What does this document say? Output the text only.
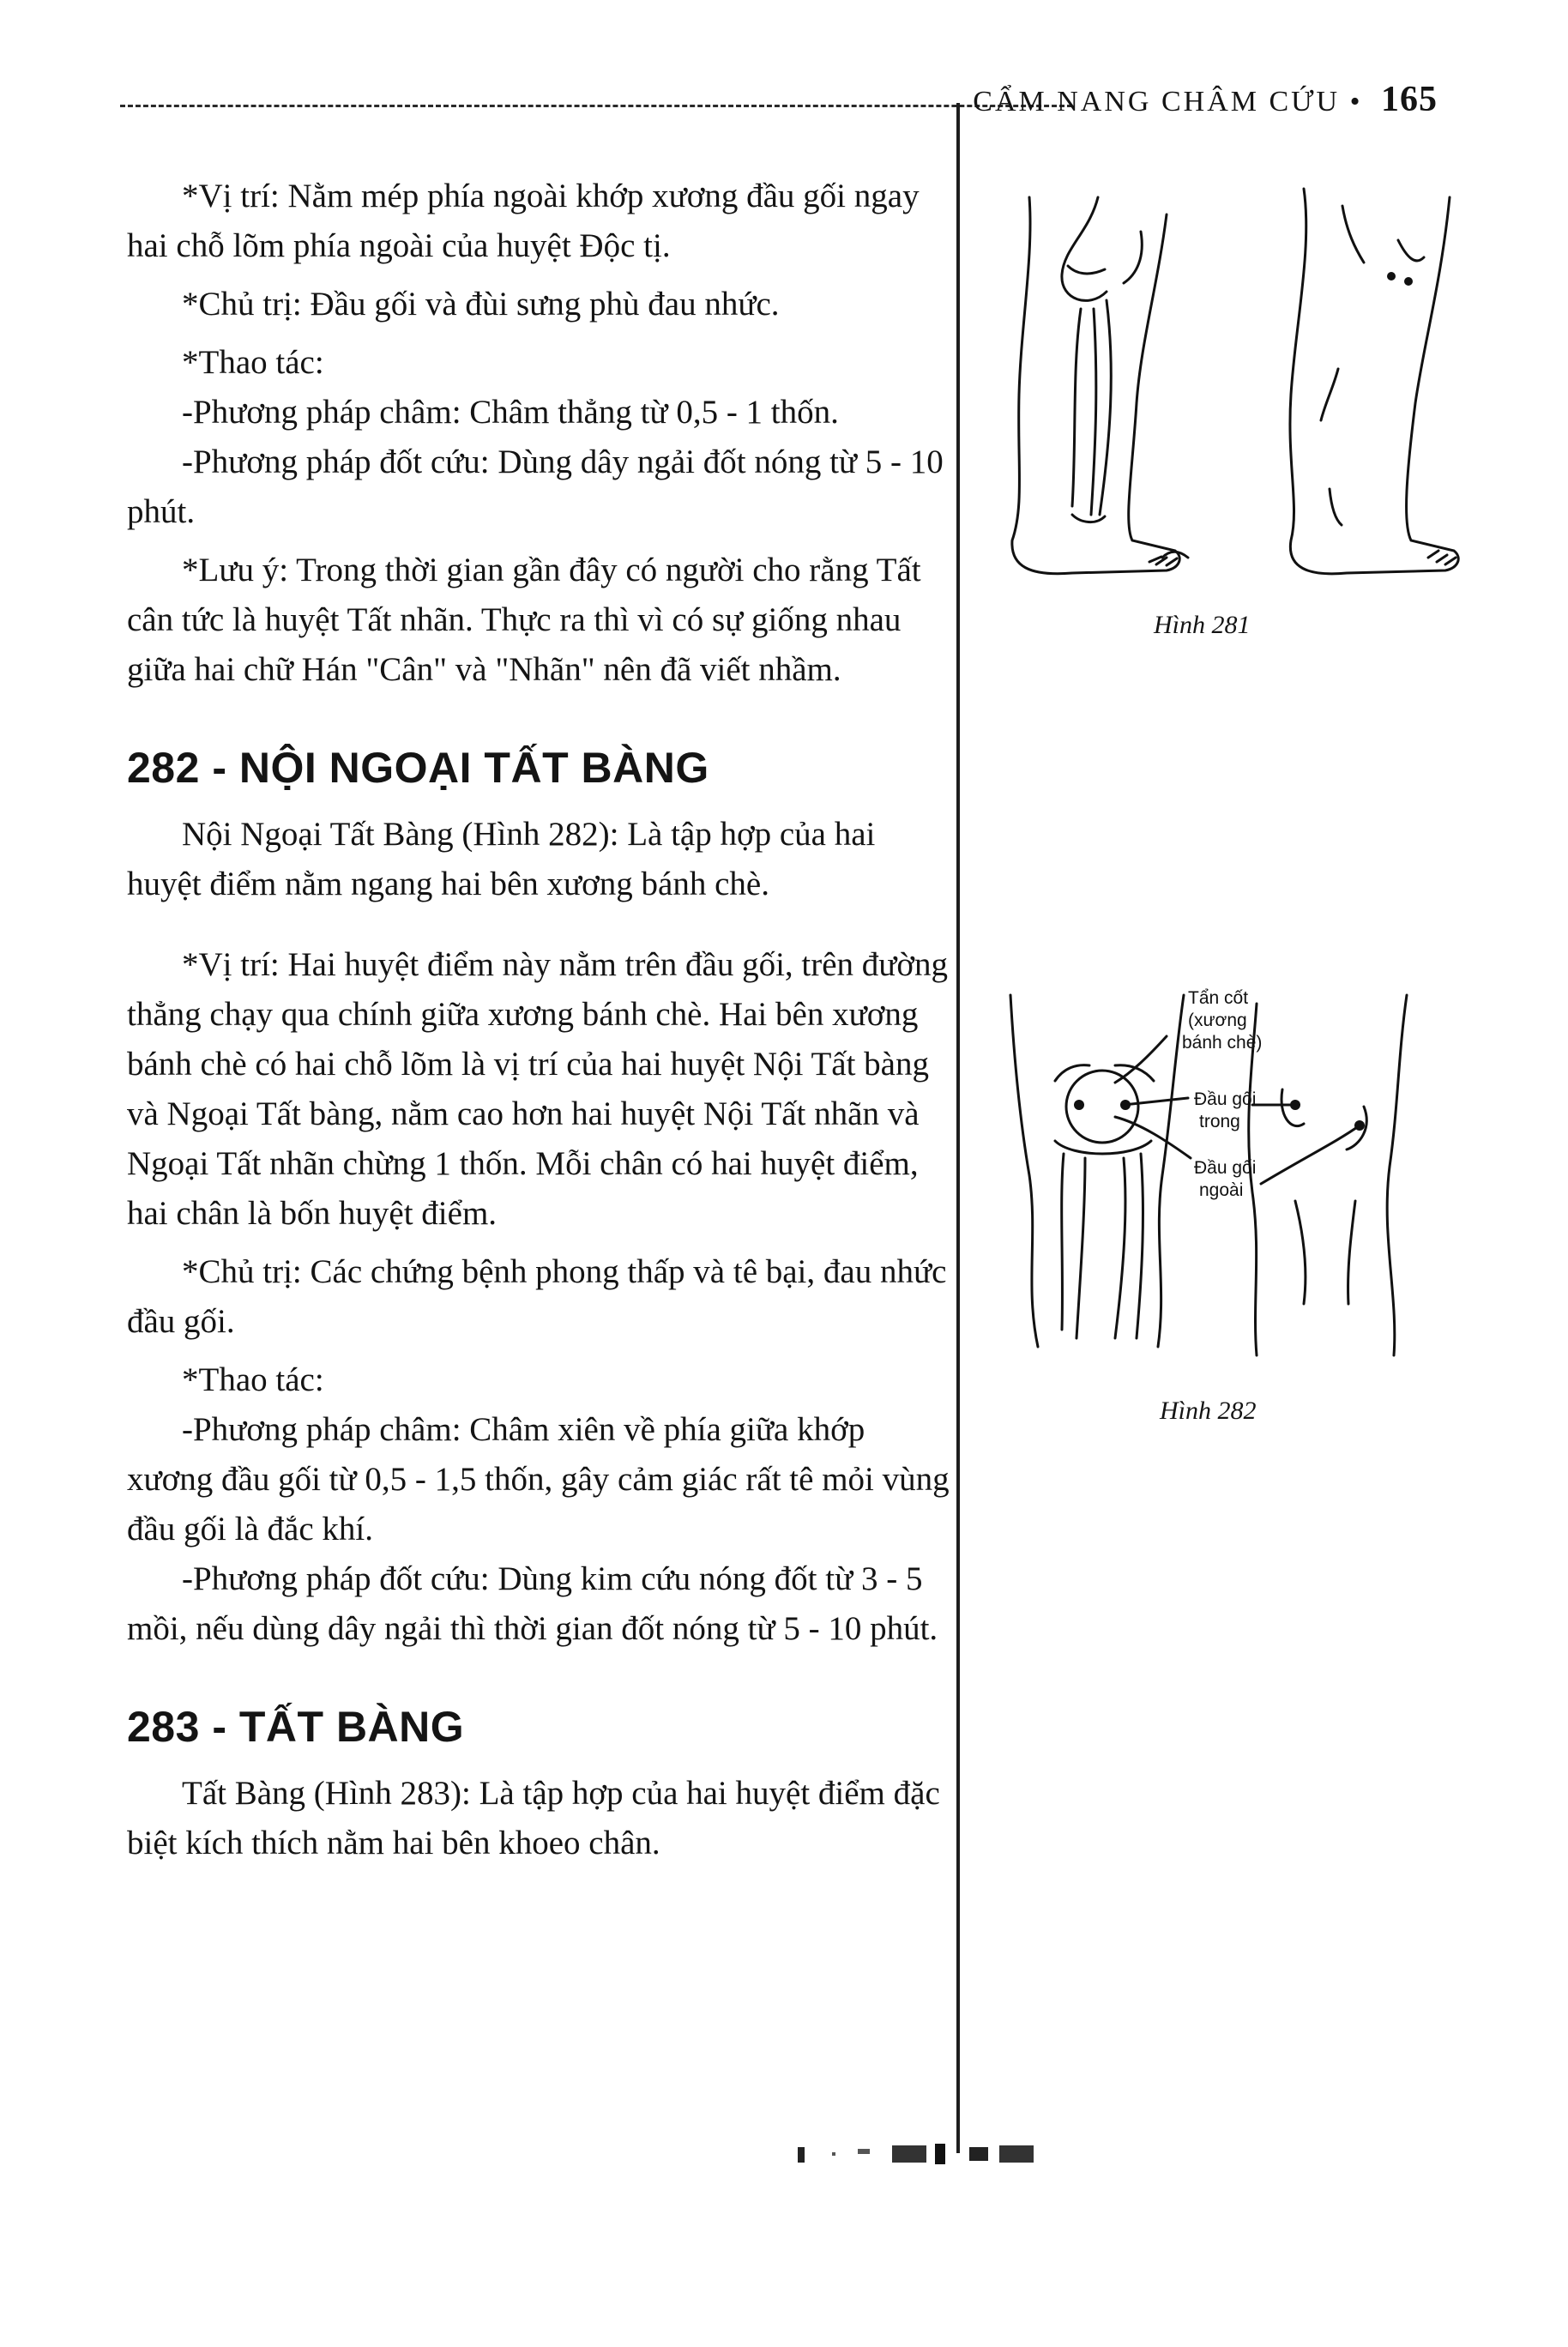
CẨM NANG CHÂM CỨU • 165

*Vị trí: Nằm mép phía ngoài khớp xương đầu gối ngay hai chỗ lõm phía ngoài của huyệt Độc tị.

*Chủ trị: Đầu gối và đùi sưng phù đau nhức.

*Thao tác:

-Phương pháp châm: Châm thẳng từ 0,5 - 1 thốn.

-Phương pháp đốt cứu: Dùng dây ngải đốt nóng từ 5 - 10 phút.

*Lưu ý: Trong thời gian gần đây có người cho rằng Tất cân tức là huyệt Tất nhãn. Thực ra thì vì có sự giống nhau giữa hai chữ Hán "Cân" và "Nhãn" nên đã viết nhầm.

282 - NỘI NGOẠI TẤT BÀNG

Nội Ngoại Tất Bàng (Hình 282): Là tập hợp của hai huyệt điểm nằm ngang hai bên xương bánh chè.

*Vị trí: Hai huyệt điểm này nằm trên đầu gối, trên đường thẳng chạy qua chính giữa xương bánh chè. Hai bên xương bánh chè có hai chỗ lõm là vị trí của hai huyệt Nội Tất bàng và Ngoại Tất bàng, nằm cao hơn hai huyệt Nội Tất nhãn và Ngoại Tất nhãn chừng 1 thốn. Mỗi chân có hai huyệt điểm, hai chân là bốn huyệt điểm.

*Chủ trị: Các chứng bệnh phong thấp và tê bại, đau nhức đầu gối.

*Thao tác:

-Phương pháp châm: Châm xiên về phía giữa khớp xương đầu gối từ 0,5 - 1,5 thốn, gây cảm giác rất tê mỏi vùng đầu gối là đắc khí.

-Phương pháp đốt cứu: Dùng kim cứu nóng đốt từ 3 - 5 mồi, nếu dùng dây ngải thì thời gian đốt nóng từ 5 - 10 phút.

283 - TẤT BÀNG

Tất Bàng (Hình 283): Là tập hợp của hai huyệt điểm đặc biệt kích thích nằm hai bên khoeo chân.

Hình 281
Tẩn cốt
(xương
bánh chè)
Đầu gối
trong
Đầu gối
ngoài
Hình 282
